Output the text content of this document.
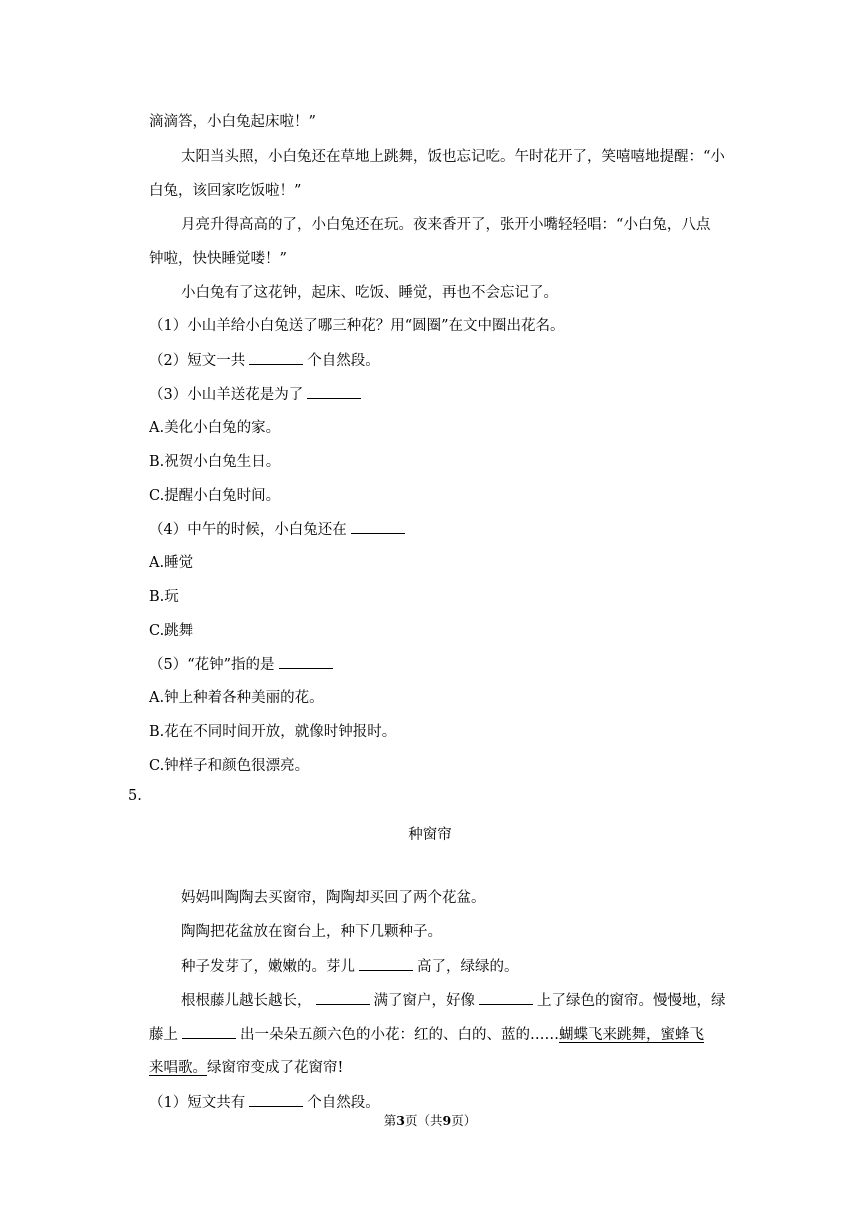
滴滴答，小白兔起床啦！”
太阳当头照，小白兔还在草地上跳舞，饭也忘记吃。午时花开了，笑嘻嘻地提醒：“小
白兔，该回家吃饭啦！”
月亮升得高高的了，小白兔还在玩。夜来香开了，张开小嘴轻轻唱：“小白兔，八点
钟啦，快快睡觉喽！”
小白兔有了这花钟，起床、吃饭、睡觉，再也不会忘记了。
（1）小山羊给小白兔送了哪三种花？用“圆圈”在文中圈出花名。
（2）短文一共	个自然段。
（3）小山羊送花是为了
A.美化小白兔的家。
B.祝贺小白兔生日。
C.提醒小白兔时间。
（4）中午的时候，小白兔还在
A.睡觉
B.玩
C.跳舞
（5）“花钟”指的是
A.钟上种着各种美丽的花。
B.花在不同时间开放，就像时钟报时。
C.钟样子和颜色很漂亮。
5.
种窗帘
妈妈叫陶陶去买窗帘，陶陶却买回了两个花盆。
陶陶把花盆放在窗台上，种下几颗种子。
种子发芽了，嫩嫩的。芽儿	高了，绿绿的。
根根藤儿越长越长，	满了窗户，好像	上了绿色的窗帘。慢慢地，绿
藤上	出一朵朵五颜六色的小花：红的、白的、蓝的……蝴蝶飞来跳舞，蜜蜂飞
来唱歌。绿窗帘变成了花窗帘!
（1）短文共有	个自然段。
第3页（共9页）
